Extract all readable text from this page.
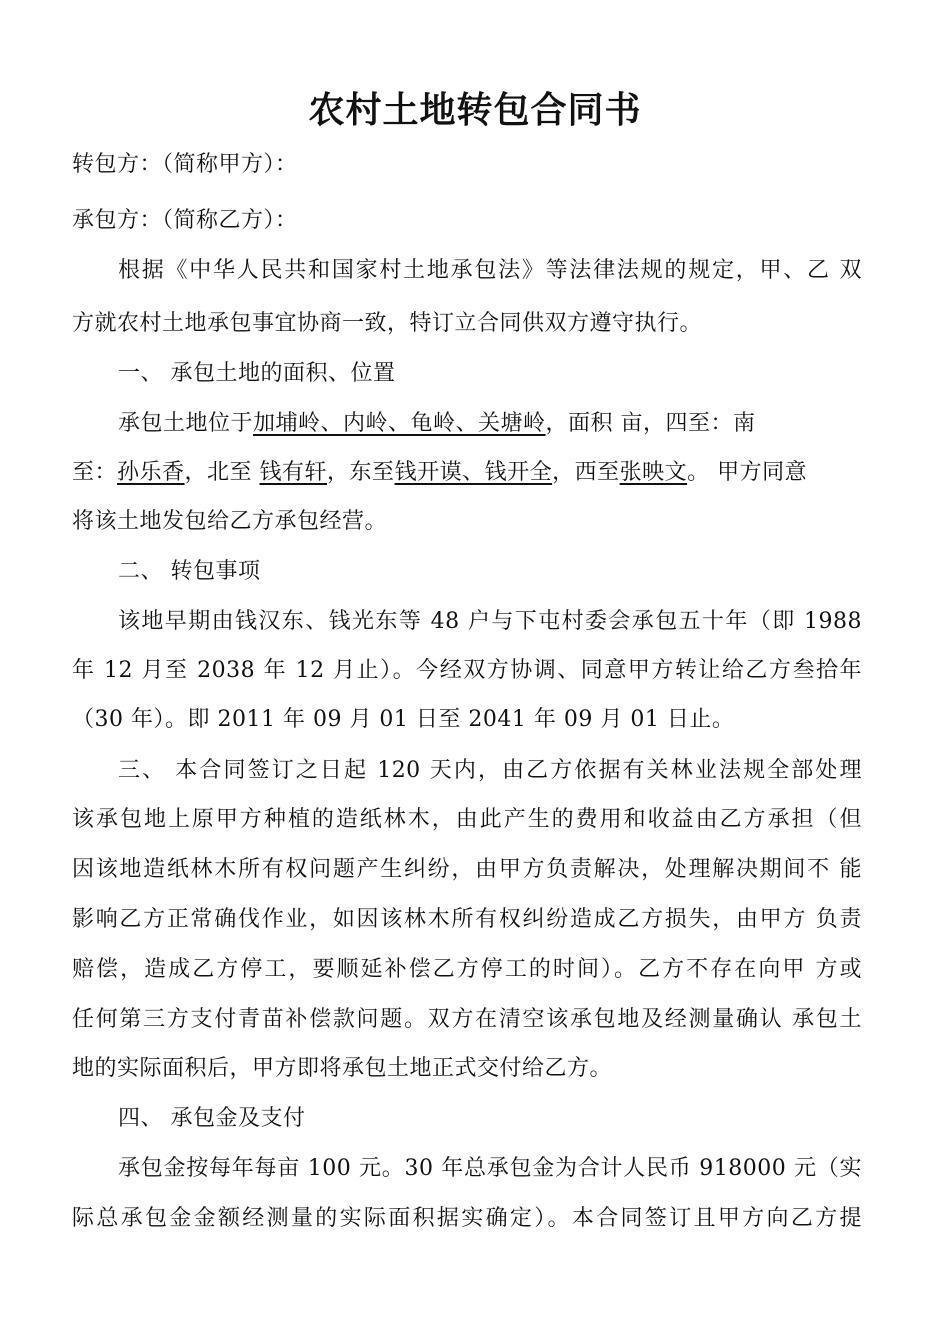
农村土地转包合同书
转包方：（简称甲方）：
承包方：（简称乙方）：
根据《中华人民共和国家村土地承包法》等法律法规的规定，甲、乙 双
方就农村土地承包事宜协商一致，特订立合同供双方遵守执行。
一、 承包土地的面积、位置
承包土地位于加埔岭、内岭、龟岭、关塘岭，面积 亩，四至：南
至：孙乐香，北至 钱有轩，东至钱开谟、钱开全，西至张映文。 甲方同意
将该土地发包给乙方承包经营。
二、 转包事项
该地早期由钱汉东、钱光东等 48 户与下屯村委会承包五十年（即 1988
年 12 月至 2038 年 12 月止）。今经双方协调、同意甲方转让给乙方叁拾年
（30 年）。即 2011 年 09 月 01 日至 2041 年 09 月 01 日止。
三、 本合同签订之日起 120 天内，由乙方依据有关林业法规全部处理
该承包地上原甲方种植的造纸林木，由此产生的费用和收益由乙方承担（但
因该地造纸林木所有权问题产生纠纷，由甲方负责解决，处理解决期间不 能
影响乙方正常确伐作业，如因该林木所有权纠纷造成乙方损失，由甲方 负责
赔偿，造成乙方停工，要顺延补偿乙方停工的时间）。乙方不存在向甲 方或
任何第三方支付青苗补偿款问题。双方在清空该承包地及经测量确认 承包土
地的实际面积后，甲方即将承包土地正式交付给乙方。
四、 承包金及支付
承包金按每年每亩 100 元。30 年总承包金为合计人民币 918000 元（实
际总承包金金额经测量的实际面积据实确定）。本合同签订且甲方向乙方提
